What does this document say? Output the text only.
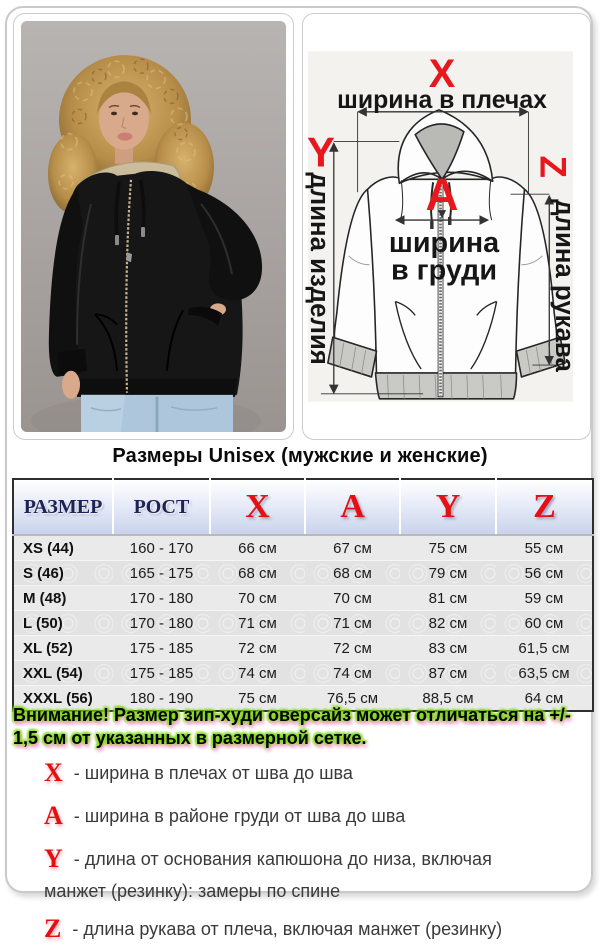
X
ширина в плечах
Y
длина изделия
Z
длина рукава
A
ширина
в груди
Размеры Unisex (мужские и женские)
РАЗМЕР	РОСТ	X	A	Y	Z
XS (44)	160 - 170	66 см	67 см	75 см	55 см
S (46)	165 - 175	68 см	68 см	79 см	56 см
M (48)	170 - 180	70 см	70 см	81 см	59 см
L (50)	170 - 180	71 см	71 см	82 см	60 см
XL (52)	175 - 185	72 см	72 см	83 см	61,5 см
XXL (54)	175 - 185	74 см	74 см	87 см	63,5 см
XXXL (56)	180 - 190	75 см	76,5 см	88,5 см	64 см
Внимание! Размер зип-худи оверсайз может отличаться на +/-
1,5 см от указанных в размерной сетке.
X - ширина в плечах от шва до шва
A - ширина в районе груди от шва до шва
Y - длина от основания капюшона до низа, включая манжет (резинку): замеры по спине
Z - длина рукава от плеча, включая манжет (резинку)
